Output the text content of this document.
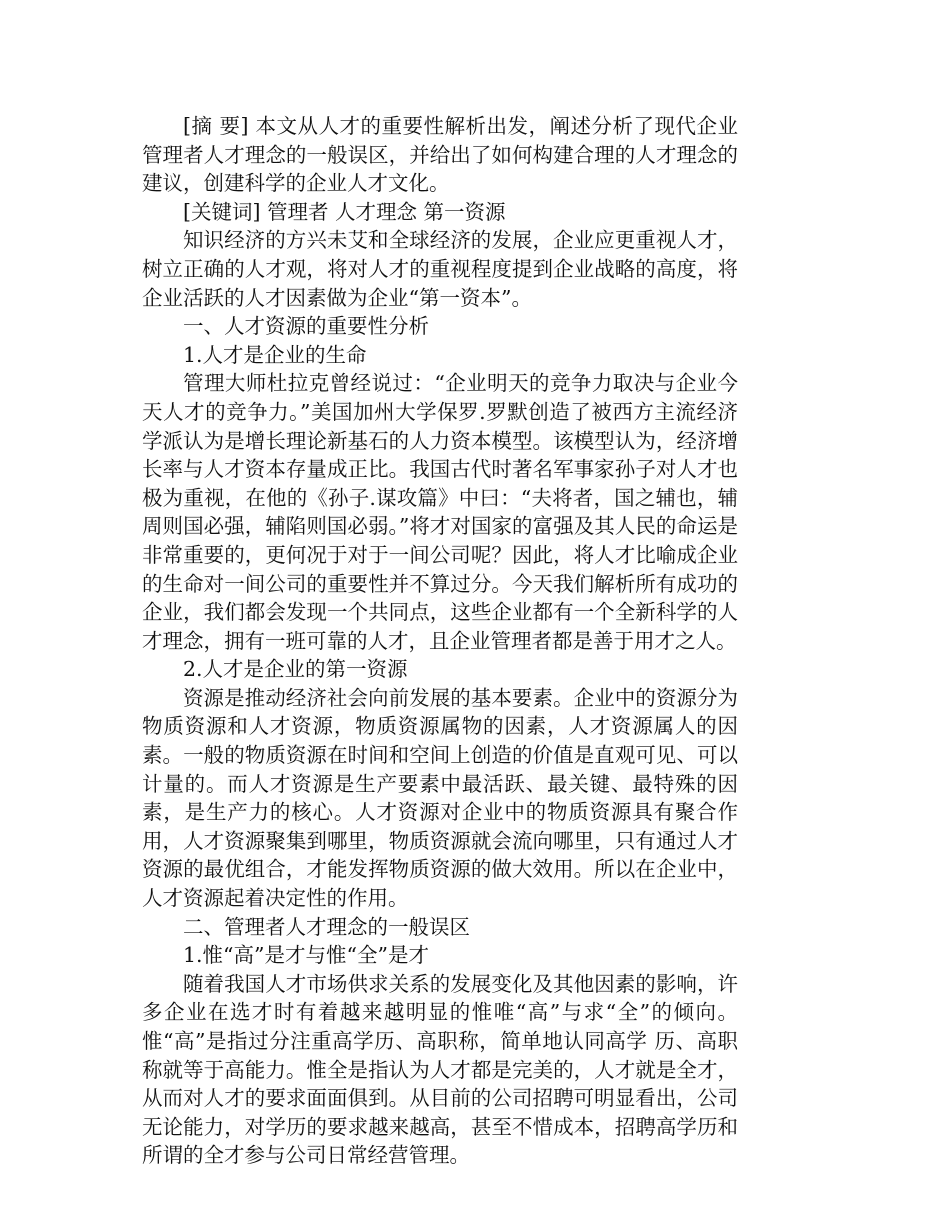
[摘 要] 本文从人才的重要性解析出发，阐述分析了现代企业管理者人才理念的一般误区，并给出了如何构建合理的人才理念的建议，创建科学的企业人才文化。

[关键词] 管理者 人才理念 第一资源

知识经济的方兴未艾和全球经济的发展，企业应更重视人才，树立正确的人才观，将对人才的重视程度提到企业战略的高度，将企业活跃的人才因素做为企业“第一资本”。

一、人才资源的重要性分析

1.人才是企业的生命

管理大师杜拉克曾经说过：“企业明天的竞争力取决与企业今天人才的竞争力。”美国加州大学保罗.罗默创造了被西方主流经济学派认为是增长理论新基石的人力资本模型。该模型认为，经济增长率与人才资本存量成正比。我国古代时著名军事家孙子对人才也极为重视，在他的《孙子.谋攻篇》中曰：“夫将者，国之辅也，辅周则国必强，辅陷则国必弱。”将才对国家的富强及其人民的命运是非常重要的，更何况于对于一间公司呢？因此，将人才比喻成企业的生命对一间公司的重要性并不算过分。今天我们解析所有成功的企业，我们都会发现一个共同点，这些企业都有一个全新科学的人才理念，拥有一班可靠的人才，且企业管理者都是善于用才之人。

2.人才是企业的第一资源

资源是推动经济社会向前发展的基本要素。企业中的资源分为物质资源和人才资源，物质资源属物的因素，人才资源属人的因素。一般的物质资源在时间和空间上创造的价值是直观可见、可以计量的。而人才资源是生产要素中最活跃、最关键、最特殊的因素，是生产力的核心。人才资源对企业中的物质资源具有聚合作用，人才资源聚集到哪里，物质资源就会流向哪里，只有通过人才资源的最优组合，才能发挥物质资源的做大效用。所以在企业中，人才资源起着决定性的作用。

二、管理者人才理念的一般误区

1.惟“高”是才与惟“全”是才

随着我国人才市场供求关系的发展变化及其他因素的影响，许多企业在选才时有着越来越明显的惟唯“高”与求“全”的倾向。惟“高”是指过分注重高学历、高职称，简单地认同高学 历、高职称就等于高能力。惟全是指认为人才都是完美的，人才就是全才，从而对人才的要求面面俱到。从目前的公司招聘可明显看出，公司无论能力，对学历的要求越来越高，甚至不惜成本，招聘高学历和所谓的全才参与公司日常经营管理。
